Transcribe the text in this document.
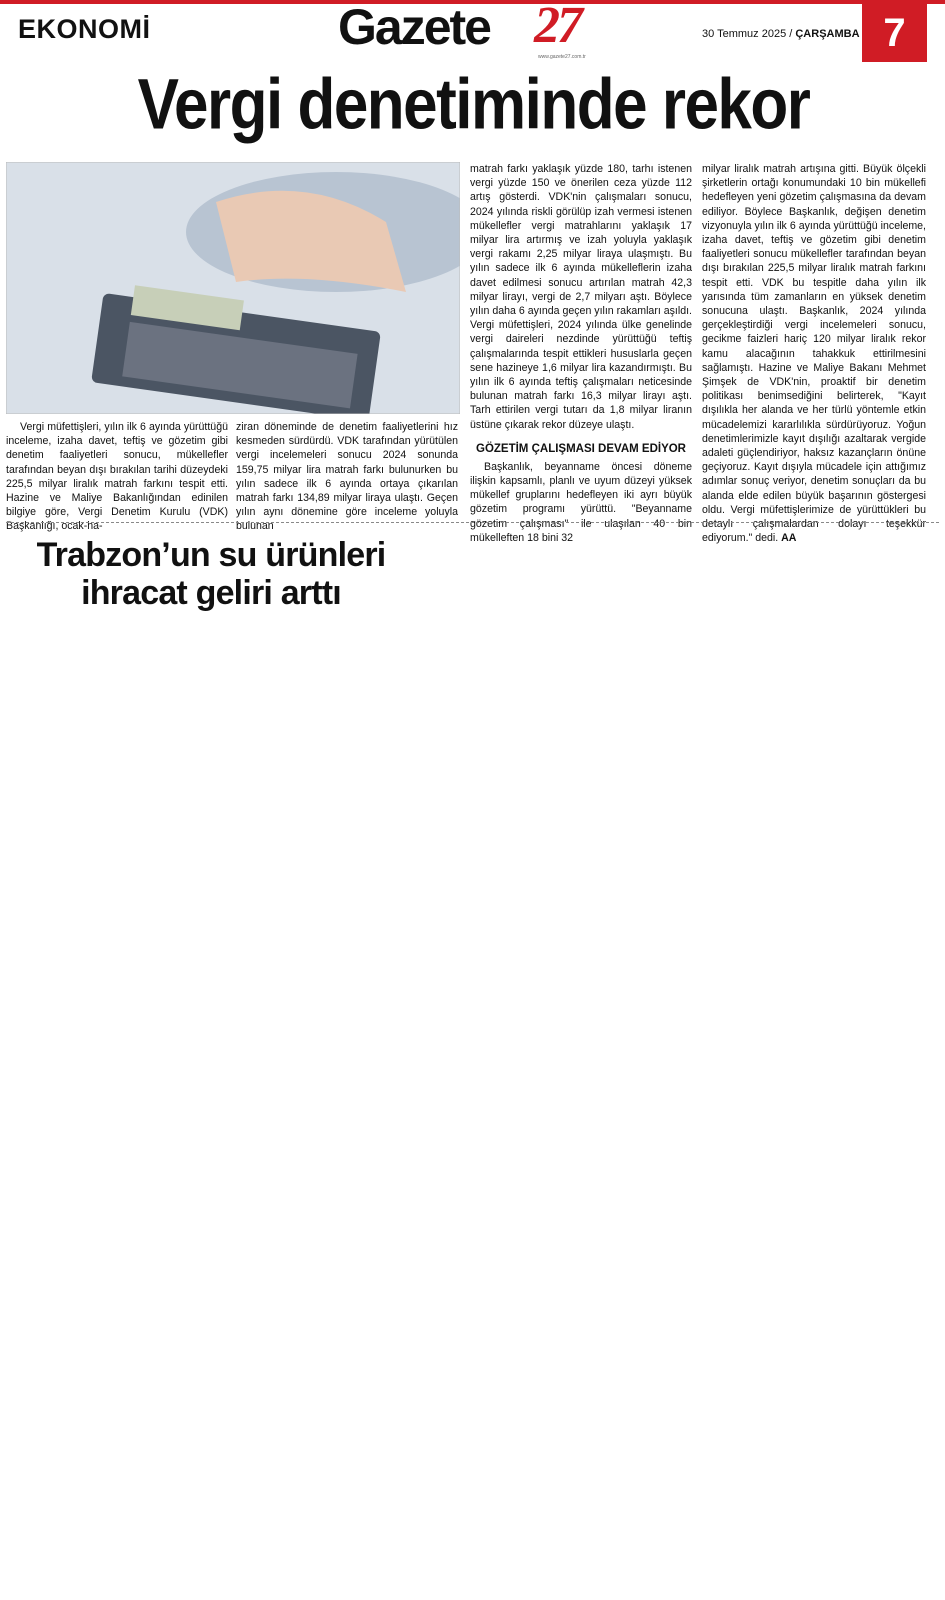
EKONOMİ	Gazete 27
www.gazete27.com.tr
30 Temmuz 2025 / ÇARŞAMBA 7
Vergi denetiminde rekor

Vergi müfettişleri, yılın ilk 6 ayında yürüttüğü inceleme, izaha davet, teftiş ve gözetim gibi denetim faaliyetleri sonucu, mükellefler tarafından beyan dışı bırakılan tarihi düzeydeki 225,5 milyar liralık matrah farkını tespit etti. Hazine ve Maliye Bakanlığından edinilen bilgiye göre, Vergi Denetim Kurulu (VDK) Başkanlığı, ocak-ha-

ziran döneminde de denetim faaliyetlerini hız kesmeden sürdürdü. VDK tarafından yürütülen vergi incelemeleri sonucu 2024 sonunda 159,75 milyar lira matrah farkı bulunurken bu yılın sadece ilk 6 ayında ortaya çıkarılan matrah farkı 134,89 milyar liraya ulaştı. Geçen yılın aynı dönemine göre inceleme yoluyla bulunan

matrah farkı yaklaşık yüzde 180, tarhı istenen vergi yüzde 150 ve önerilen ceza yüzde 112 artış gösterdi. VDK'nin çalışmaları sonucu, 2024 yılında riskli görülüp izah vermesi istenen mükellefler vergi matrahlarını yaklaşık 17 milyar lira artırmış ve izah yoluyla yaklaşık vergi rakamı 2,25 milyar liraya ulaşmıştı. Bu yılın sadece ilk 6 ayında mükelleflerin izaha davet edilmesi sonucu artırılan matrah 42,3 milyar lirayı, vergi de 2,7 milyarı aştı. Böylece yılın daha 6 ayında geçen yılın rakamları aşıldı. Vergi müfettişleri, 2024 yılında ülke genelinde vergi daireleri nezdinde yürüttüğü teftiş çalışmalarında tespit ettikleri hususlarla geçen sene hazineye 1,6 milyar lira kazandırmıştı. Bu yılın ilk 6 ayında teftiş çalışmaları neticesinde bulunan matrah farkı 16,3 milyar lirayı aştı. Tarh ettirilen vergi tutarı da 1,8 milyar liranın üstüne çıkarak rekor düzeye ulaştı.

GÖZETİM ÇALIŞMASI DEVAM EDİYOR

Başkanlık, beyanname öncesi döneme ilişkin kapsamlı, planlı ve uyum düzeyi yüksek mükellef gruplarını hedefleyen iki ayrı büyük gözetim programı yürüttü. "Beyanname gözetim çalışması" ile ulaşılan 40 bin mükelleften 18 bini 32

milyar liralık matrah artışına gitti. Büyük ölçekli şirketlerin ortağı konumundaki 10 bin mükellefi hedefleyen yeni gözetim çalışmasına da devam ediliyor. Böylece Başkanlık, değişen denetim vizyonuyla yılın ilk 6 ayında yürüttüğü inceleme, izaha davet, teftiş ve gözetim gibi denetim faaliyetleri sonucu mükellefler tarafından beyan dışı bırakılan 225,5 milyar liralık matrah farkını tespit etti. VDK bu tespitle daha yılın ilk yarısında tüm zamanların en yüksek denetim sonucuna ulaştı. Başkanlık, 2024 yılında gerçekleştirdiği vergi incelemeleri sonucu, gecikme faizleri hariç 120 milyar liralık rekor kamu alacağının tahakkuk ettirilmesini sağlamıştı. Hazine ve Maliye Bakanı Mehmet Şimşek de VDK'nin, proaktif bir denetim politikası benimsediğini belirterek, "Kayıt dışılıkla her alanda ve her türlü yöntemle etkin mücadelemizi kararlılıkla sürdürüyoruz. Yoğun denetimlerimizle kayıt dışılığı azaltarak vergide adaleti güçlendiriyor, haksız kazançların önüne geçiyoruz. Kayıt dışıyla mücadele için attığımız adımlar sonuç veriyor, denetim sonuçları da bu alanda elde edilen büyük başarının göstergesi oldu. Vergi müfettişlerimize de yürüttükleri bu detaylı çalışmalardan dolayı teşekkür ediyorum." dedi. AA

Trabzon’un su ürünleri ihracat geliri arttı
